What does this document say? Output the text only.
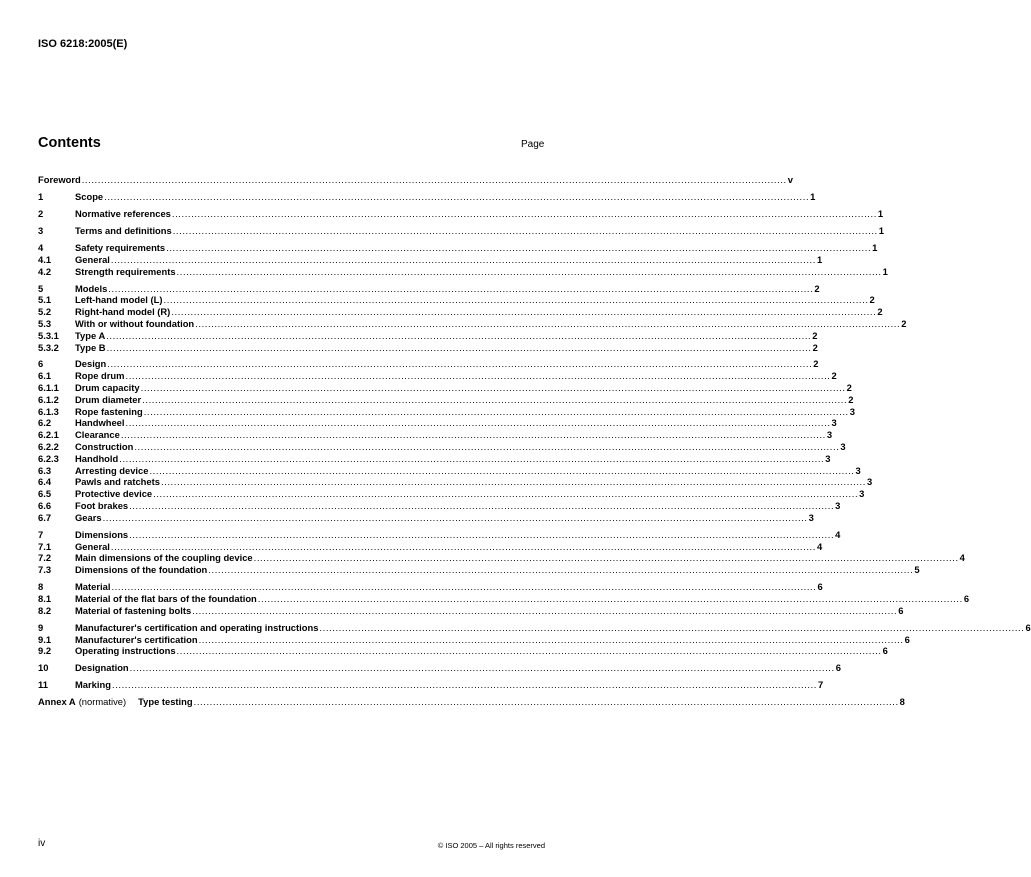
ISO 6218:2005(E)
Contents	Page
Foreword ............................................................................................................................................................................................................................ v
1	Scope ............................................................................................................................................................................................................................ 1
2	Normative references ............................................................................................................................................................................................................................ 1
3	Terms and definitions ............................................................................................................................................................................................................................ 1
4	Safety requirements ............................................................................................................................................................................................................................ 1
4.1	General ............................................................................................................................................................................................................................ 1
4.2	Strength requirements ............................................................................................................................................................................................................................ 1
5	Models ............................................................................................................................................................................................................................ 2
5.1	Left-hand model (L) ............................................................................................................................................................................................................................ 2
5.2	Right-hand model (R) ............................................................................................................................................................................................................................ 2
5.3	With or without foundation ............................................................................................................................................................................................................................ 2
5.3.1	Type A ............................................................................................................................................................................................................................ 2
5.3.2	Type B ............................................................................................................................................................................................................................ 2
6	Design ............................................................................................................................................................................................................................ 2
6.1	Rope drum ............................................................................................................................................................................................................................ 2
6.1.1	Drum capacity ............................................................................................................................................................................................................................ 2
6.1.2	Drum diameter ............................................................................................................................................................................................................................ 2
6.1.3	Rope fastening ............................................................................................................................................................................................................................ 3
6.2	Handwheel ............................................................................................................................................................................................................................ 3
6.2.1	Clearance ............................................................................................................................................................................................................................ 3
6.2.2	Construction ............................................................................................................................................................................................................................ 3
6.2.3	Handhold ............................................................................................................................................................................................................................ 3
6.3	Arresting device ............................................................................................................................................................................................................................ 3
6.4	Pawls and ratchets ............................................................................................................................................................................................................................ 3
6.5	Protective device ............................................................................................................................................................................................................................ 3
6.6	Foot brakes ............................................................................................................................................................................................................................ 3
6.7	Gears ............................................................................................................................................................................................................................ 3
7	Dimensions ............................................................................................................................................................................................................................ 4
7.1	General ............................................................................................................................................................................................................................ 4
7.2	Main dimensions of the coupling device ............................................................................................................................................................................................................................ 4
7.3	Dimensions of the foundation ............................................................................................................................................................................................................................ 5
8	Material ............................................................................................................................................................................................................................ 6
8.1	Material of the flat bars of the foundation ............................................................................................................................................................................................................................ 6
8.2	Material of fastening bolts ............................................................................................................................................................................................................................ 6
9	Manufacturer's certification and operating instructions ............................................................................................................................................................................................................................ 6
9.1	Manufacturer's certification ............................................................................................................................................................................................................................ 6
9.2	Operating instructions ............................................................................................................................................................................................................................ 6
10	Designation ............................................................................................................................................................................................................................ 6
11	Marking ............................................................................................................................................................................................................................ 7
Annex A (normative) Type testing ............................................................................................................................................................................................................................ 8
iv	© ISO 2005 – All rights reserved
